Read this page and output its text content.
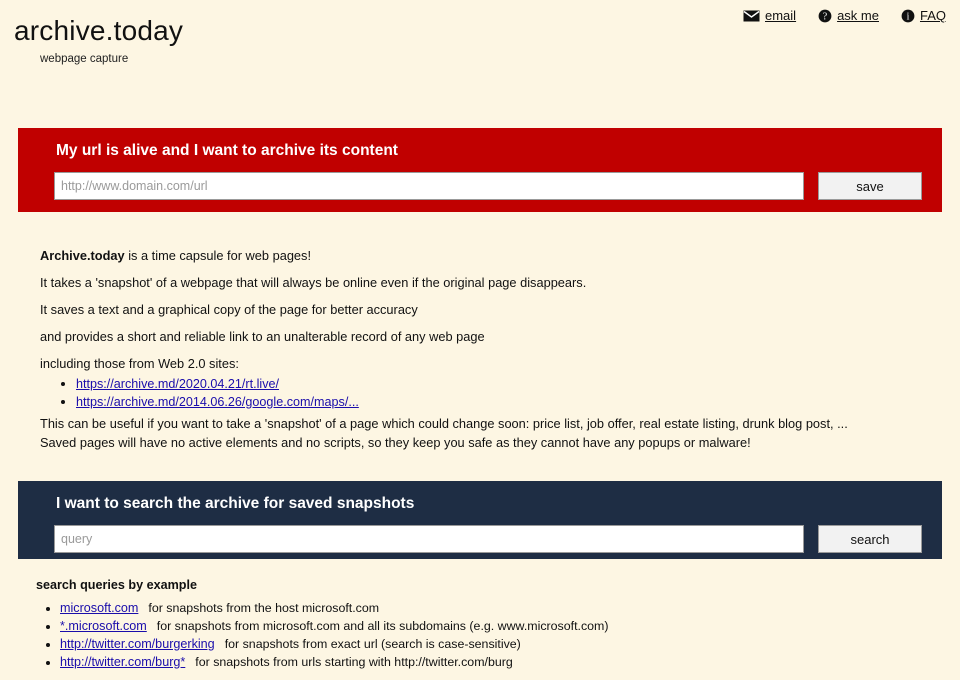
email	? ask me	i FAQ
archive.today
webpage capture
My url is alive and I want to archive its content
http://www.domain.com/url
save

Archive.today is a time capsule for web pages!

It takes a 'snapshot' of a webpage that will always be online even if the original page disappears.

It saves a text and a graphical copy of the page for better accuracy

and provides a short and reliable link to an unalterable record of any web page

including those from Web 2.0 sites:

• https://archive.md/2020.04.21/rt.live/
• https://archive.md/2014.06.26/google.com/maps/...
This can be useful if you want to take a 'snapshot' of a page which could change soon: price list, job offer, real estate listing, drunk blog post, ...
Saved pages will have no active elements and no scripts, so they keep you safe as they cannot have any popups or malware!
I want to search the archive for saved snapshots
query
search
search queries by example
• microsoft.com for snapshots from the host microsoft.com
• *.microsoft.com for snapshots from microsoft.com and all its subdomains (e.g. www.microsoft.com)
• http://twitter.com/burgerking for snapshots from exact url (search is case-sensitive)
• http://twitter.com/burg* for snapshots from urls starting with http://twitter.com/burg
